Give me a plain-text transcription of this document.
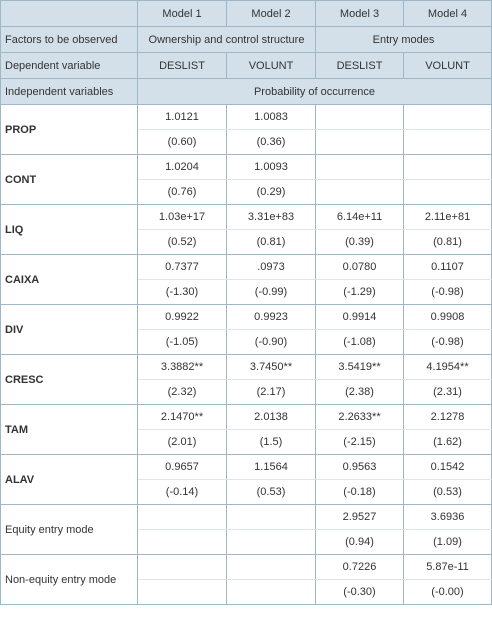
	Model 1	Model 2	Model 3	Model 4
Factors to be observed	Ownership and control structure		Entry modes	
Dependent variable	DESLIST	VOLUNT	DESLIST	VOLUNT
Independent variables	Probability of occurrence			
PROP	1.0121	1.0083		
	(0.60)	(0.36)		
CONT	1.0204	1.0093		
	(0.76)	(0.29)		
LIQ	1.03e+17	3.31e+83	6.14e+11	2.11e+81
	(0.52)	(0.81)	(0.39)	(0.81)
CAIXA	0.7377	.0973	0.0780	0.1107
	(-1.30)	(-0.99)	(-1.29)	(-0.98)
DIV	0.9922	0.9923	0.9914	0.9908
	(-1.05)	(-0.90)	(-1.08)	(-0.98)
CRESC	3.3882**	3.7450**	3.5419**	4.1954**
	(2.32)	(2.17)	(2.38)	(2.31)
TAM	2.1470**	2.0138	2.2633**	2.1278
	(2.01)	(1.5)	(-2.15)	(1.62)
ALAV	0.9657	1.1564	0.9563	0.1542
	(-0.14)	(0.53)	(-0.18)	(0.53)
Equity entry mode			2.9527	3.6936
			(0.94)	(1.09)
Non-equity entry mode			0.7226	5.87e-11
			(-0.30)	(-0.00)
